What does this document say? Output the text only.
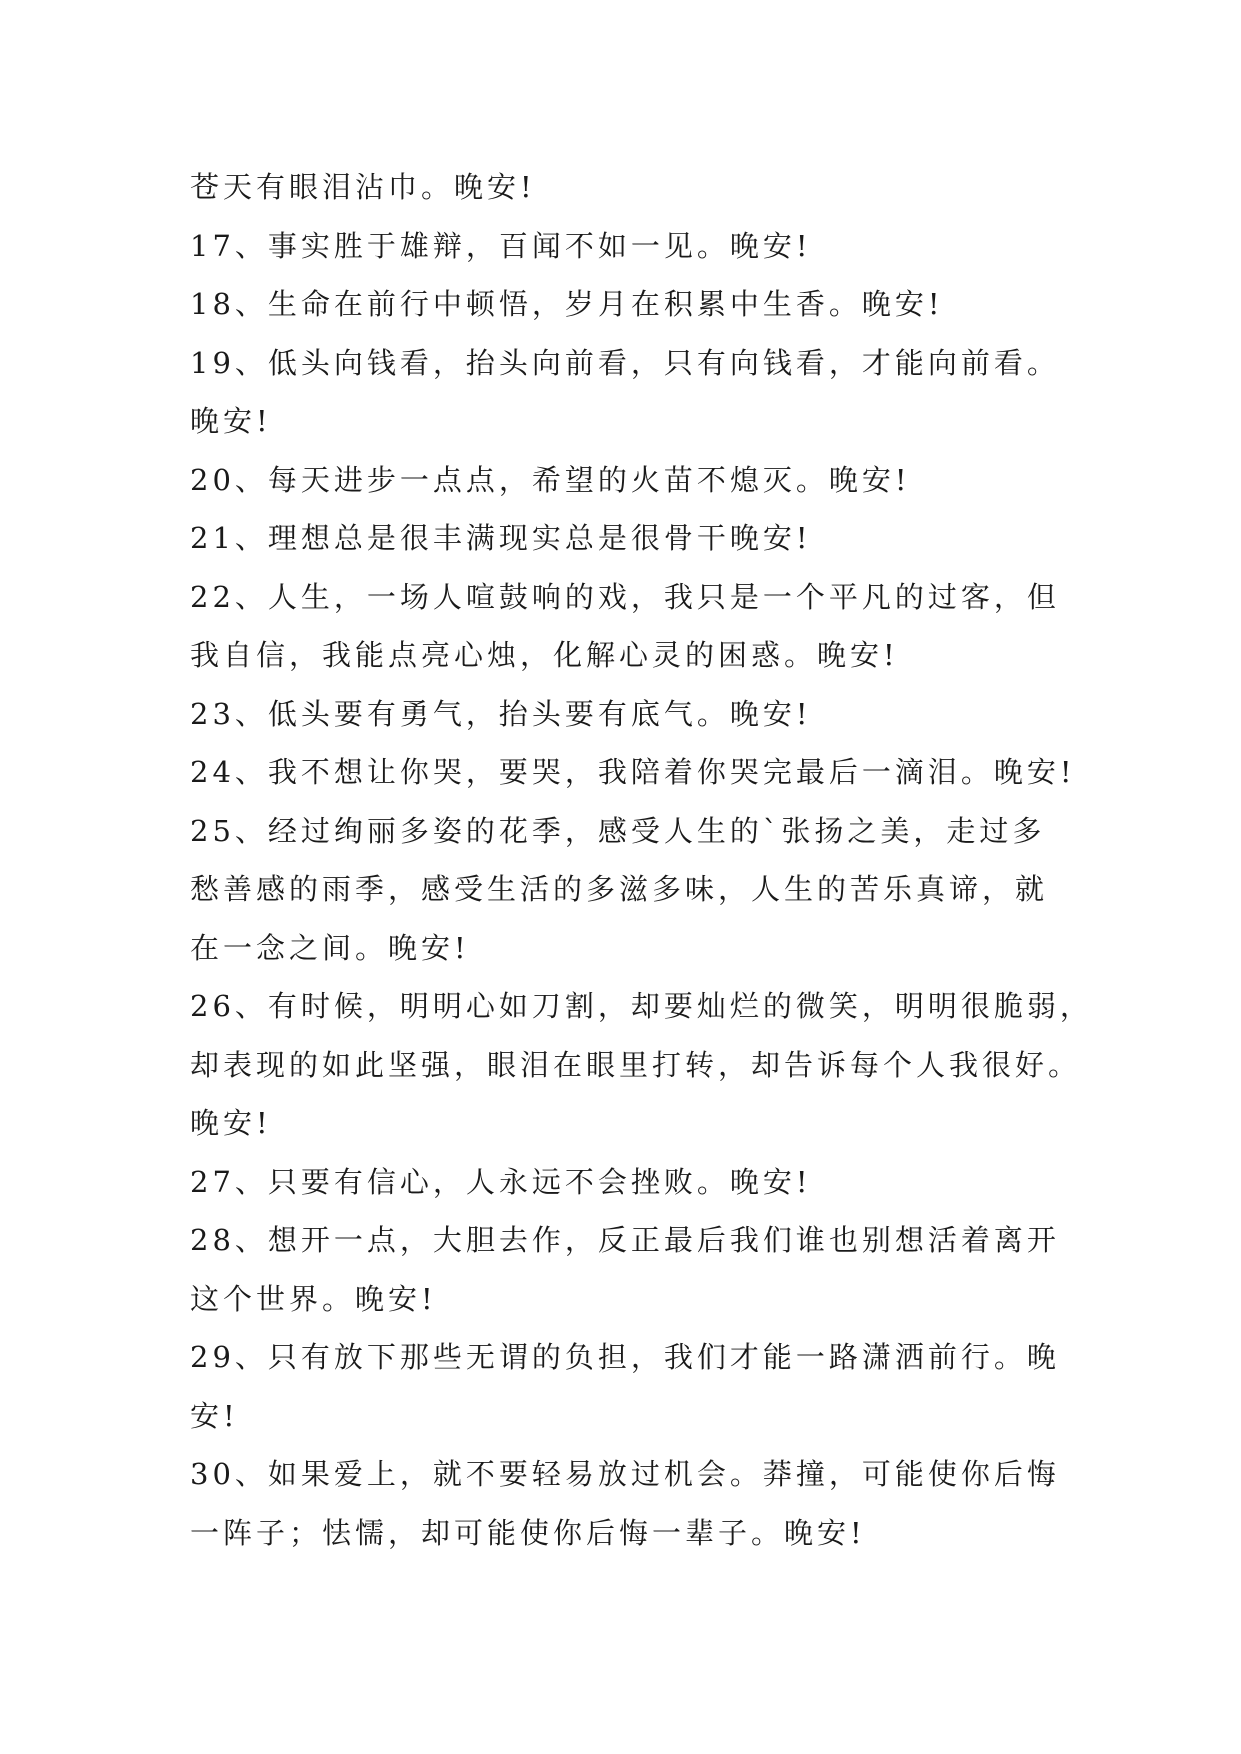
苍天有眼泪沾巾。晚安!
17、事实胜于雄辩，百闻不如一见。晚安!
18、生命在前行中顿悟，岁月在积累中生香。晚安!
19、低头向钱看，抬头向前看，只有向钱看，才能向前看。
晚安!
20、每天进步一点点，希望的火苗不熄灭。晚安!
21、理想总是很丰满现实总是很骨干晚安!
22、人生，一场人喧鼓响的戏，我只是一个平凡的过客，但
我自信，我能点亮心烛，化解心灵的困惑。晚安!
23、低头要有勇气，抬头要有底气。晚安!
24、我不想让你哭，要哭，我陪着你哭完最后一滴泪。晚安!
25、经过绚丽多姿的花季，感受人生的`张扬之美，走过多
愁善感的雨季，感受生活的多滋多味，人生的苦乐真谛，就
在一念之间。晚安!
26、有时候，明明心如刀割，却要灿烂的微笑，明明很脆弱，
却表现的如此坚强，眼泪在眼里打转，却告诉每个人我很好。
晚安!
27、只要有信心，人永远不会挫败。晚安!
28、想开一点，大胆去作，反正最后我们谁也别想活着离开
这个世界。晚安!
29、只有放下那些无谓的负担，我们才能一路潇洒前行。晚
安!
30、如果爱上，就不要轻易放过机会。莽撞，可能使你后悔
一阵子；怯懦，却可能使你后悔一辈子。晚安!
